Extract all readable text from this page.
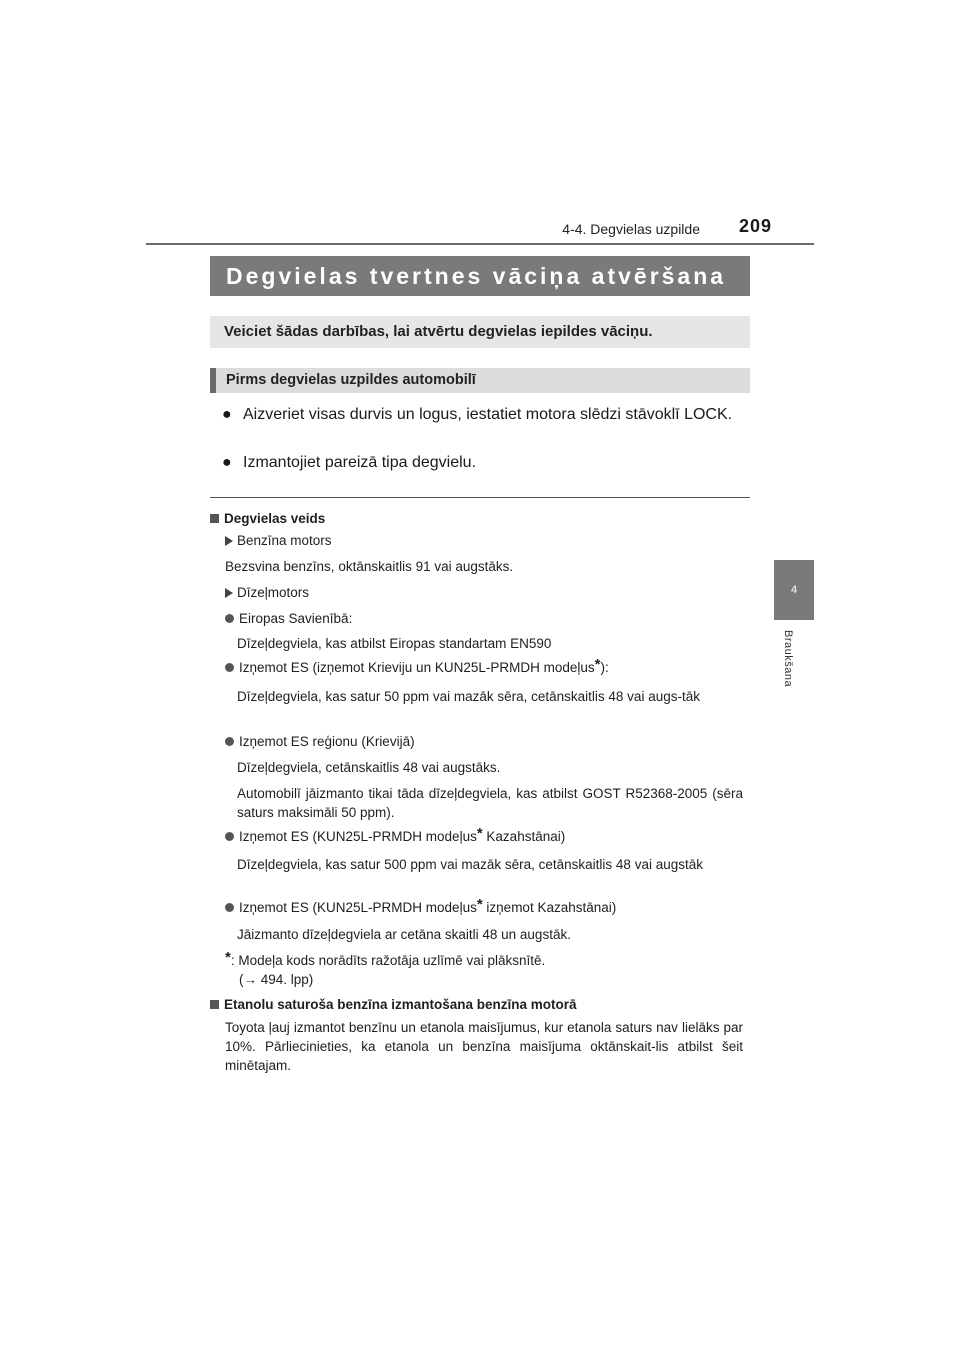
4-4. Degvielas uzpilde	209
4
Braukšana
Degvielas tvertnes vāciņa atvēršana
Veiciet šādas darbības, lai atvērtu degvielas iepildes vāciņu.
Pirms degvielas uzpildes automobilī
● Aizveriet visas durvis un logus, iestatiet motora slēdzi stāvoklī LOCK.
● Izmantojiet pareizā tipa degvielu.
Degvielas veids
Benzīna motors
Bezsvina benzīns, oktānskaitlis 91 vai augstāks.
Dīzeļmotors
Eiropas Savienībā:
Dīzeļdegviela, kas atbilst Eiropas standartam EN590
Izņemot ES (izņemot Krieviju un KUN25L-PRMDH modeļus*):
Dīzeļdegviela, kas satur 50 ppm vai mazāk sēra, cetānskaitlis 48 vai augs-tāk
Izņemot ES reģionu (Krievijā)
Dīzeļdegviela, cetānskaitlis 48 vai augstāks.
Automobilī jāizmanto tikai tāda dīzeļdegviela, kas atbilst GOST R52368-2005 (sēra saturs maksimāli 50 ppm).
Izņemot ES (KUN25L-PRMDH modeļus* Kazahstānai)
Dīzeļdegviela, kas satur 500 ppm vai mazāk sēra, cetānskaitlis 48 vai augstāk
Izņemot ES (KUN25L-PRMDH modeļus* izņemot Kazahstānai)
Jāizmanto dīzeļdegviela ar cetāna skaitli 48 un augstāk.
*: Modeļa kods norādīts ražotāja uzlīmē vai plāksnītē.
(→ 494. lpp)
Etanolu saturoša benzīna izmantošana benzīna motorā
Toyota ļauj izmantot benzīnu un etanola maisījumus, kur etanola saturs nav lielāks par 10%. Pārliecinieties, ka etanola un benzīna maisījuma oktānskait-lis atbilst šeit minētajam.
